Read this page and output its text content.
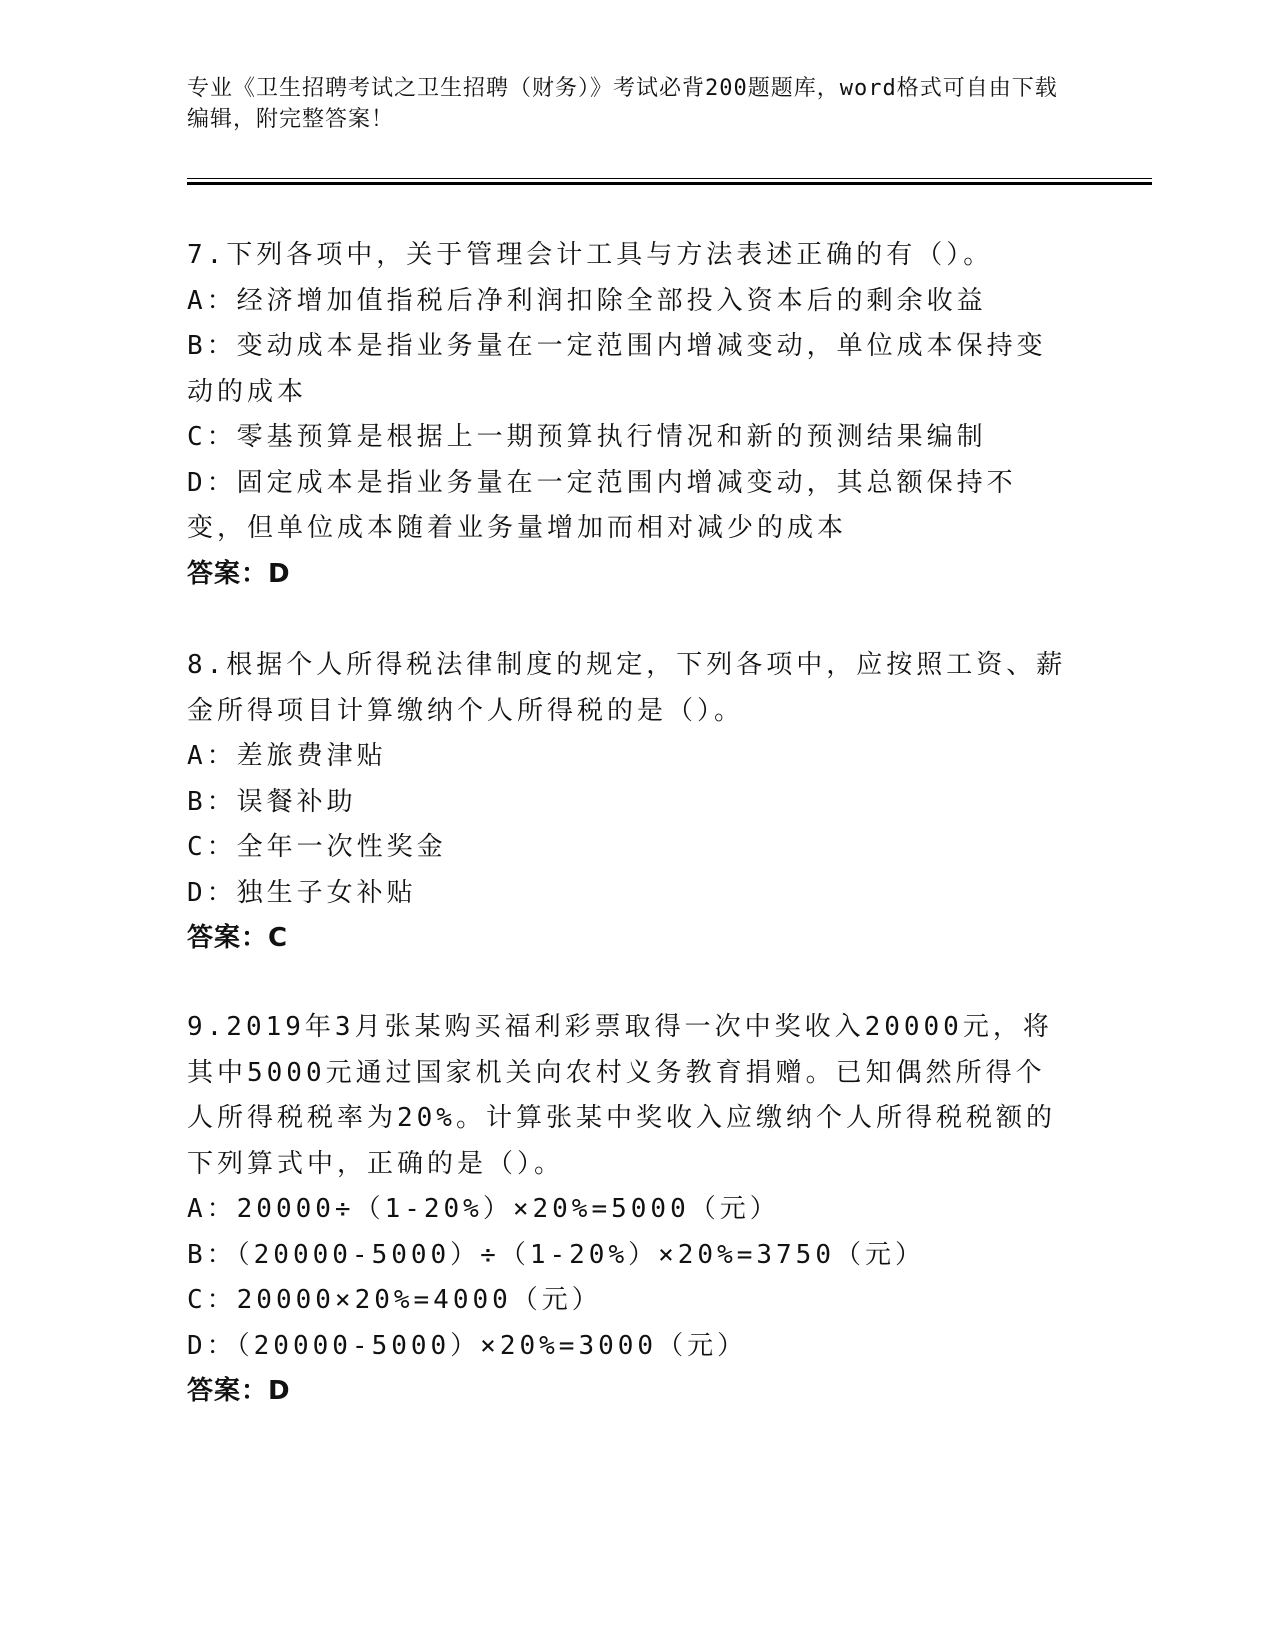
专业《卫生招聘考试之卫生招聘（财务）》考试必背200题题库，word格式可自由下载编辑，附完整答案！

7.下列各项中，关于管理会计工具与方法表述正确的有（）。

A：经济增加值指税后净利润扣除全部投入资本后的剩余收益

B：变动成本是指业务量在一定范围内增减变动，单位成本保持变动的成本

C：零基预算是根据上一期预算执行情况和新的预测结果编制

D：固定成本是指业务量在一定范围内增减变动，其总额保持不变，但单位成本随着业务量增加而相对减少的成本

答案：D

8.根据个人所得税法律制度的规定，下列各项中，应按照工资、薪金所得项目计算缴纳个人所得税的是（）。

A：差旅费津贴

B：误餐补助

C：全年一次性奖金

D：独生子女补贴

答案：C

9.2019年3月张某购买福利彩票取得一次中奖收入20000元，将其中5000元通过国家机关向农村义务教育捐赠。已知偶然所得个人所得税税率为20%。计算张某中奖收入应缴纳个人所得税税额的下列算式中，正确的是（）。

A：20000÷（1-20%）×20%=5000（元）

B：（20000-5000）÷（1-20%）×20%=3750（元）

C：20000×20%=4000（元）

D：（20000-5000）×20%=3000（元）

答案：D
